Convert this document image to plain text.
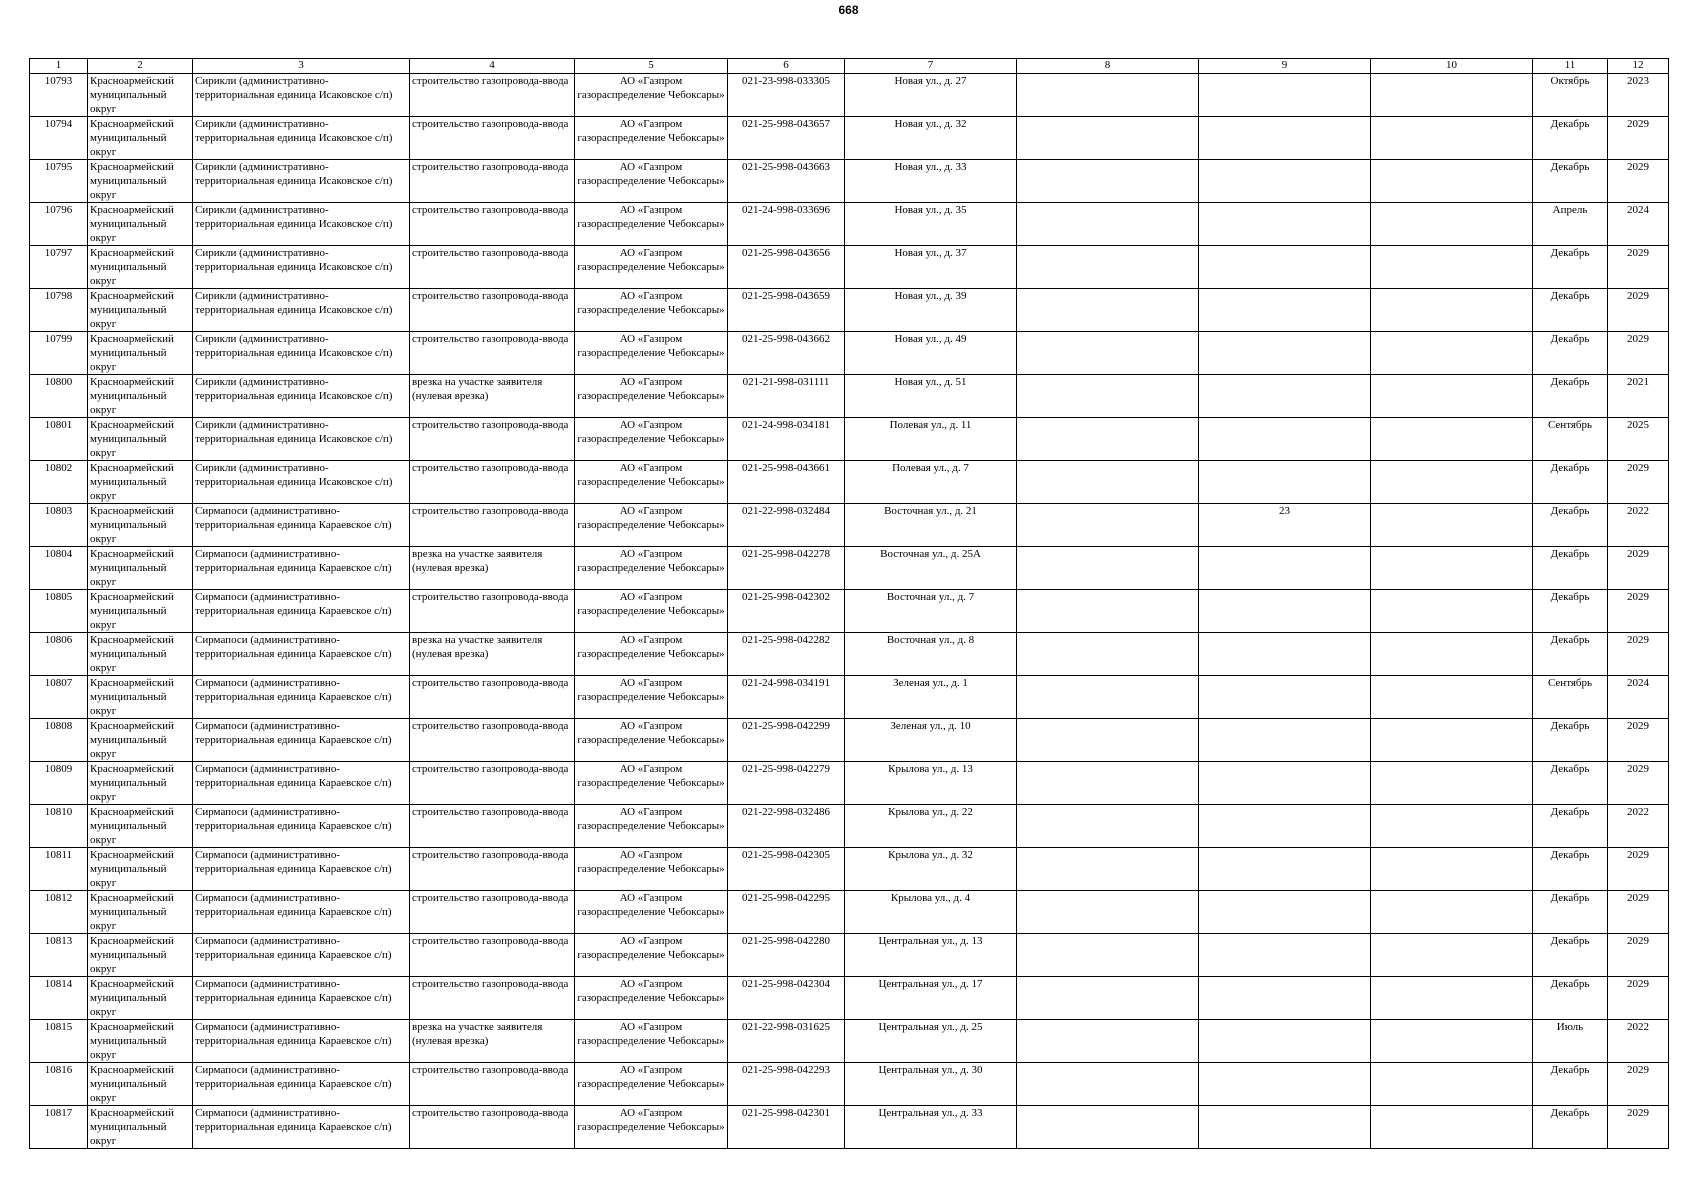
668
1	2	3	4	5	6	7	8	9	10	11	12
10793	Красноармейский муниципальный округ	Сирикли (административно-территориальная единица Исаковское с/п)	строительство газопровода-ввода	АО «Газпром газораспределение Чебоксары»	021-23-998-033305	Новая ул., д. 27				Октябрь	2023
10794	Красноармейский муниципальный округ	Сирикли (административно-территориальная единица Исаковское с/п)	строительство газопровода-ввода	АО «Газпром газораспределение Чебоксары»	021-25-998-043657	Новая ул., д. 32				Декабрь	2029
10795	Красноармейский муниципальный округ	Сирикли (административно-территориальная единица Исаковское с/п)	строительство газопровода-ввода	АО «Газпром газораспределение Чебоксары»	021-25-998-043663	Новая ул., д. 33				Декабрь	2029
10796	Красноармейский муниципальный округ	Сирикли (административно-территориальная единица Исаковское с/п)	строительство газопровода-ввода	АО «Газпром газораспределение Чебоксары»	021-24-998-033696	Новая ул., д. 35				Апрель	2024
10797	Красноармейский муниципальный округ	Сирикли (административно-территориальная единица Исаковское с/п)	строительство газопровода-ввода	АО «Газпром газораспределение Чебоксары»	021-25-998-043656	Новая ул., д. 37				Декабрь	2029
10798	Красноармейский муниципальный округ	Сирикли (административно-территориальная единица Исаковское с/п)	строительство газопровода-ввода	АО «Газпром газораспределение Чебоксары»	021-25-998-043659	Новая ул., д. 39				Декабрь	2029
10799	Красноармейский муниципальный округ	Сирикли (административно-территориальная единица Исаковское с/п)	строительство газопровода-ввода	АО «Газпром газораспределение Чебоксары»	021-25-998-043662	Новая ул., д. 49				Декабрь	2029
10800	Красноармейский муниципальный округ	Сирикли (административно-территориальная единица Исаковское с/п)	врезка на участке заявителя (нулевая врезка)	АО «Газпром газораспределение Чебоксары»	021-21-998-031111	Новая ул., д. 51				Декабрь	2021
10801	Красноармейский муниципальный округ	Сирикли (административно-территориальная единица Исаковское с/п)	строительство газопровода-ввода	АО «Газпром газораспределение Чебоксары»	021-24-998-034181	Полевая ул., д. 11				Сентябрь	2025
10802	Красноармейский муниципальный округ	Сирикли (административно-территориальная единица Исаковское с/п)	строительство газопровода-ввода	АО «Газпром газораспределение Чебоксары»	021-25-998-043661	Полевая ул., д. 7				Декабрь	2029
10803	Красноармейский муниципальный округ	Сирмапоси (административно-территориальная единица Караевское с/п)	строительство газопровода-ввода	АО «Газпром газораспределение Чебоксары»	021-22-998-032484	Восточная ул., д. 21		23		Декабрь	2022
10804	Красноармейский муниципальный округ	Сирмапоси (административно-территориальная единица Караевское с/п)	врезка на участке заявителя (нулевая врезка)	АО «Газпром газораспределение Чебоксары»	021-25-998-042278	Восточная ул., д. 25А				Декабрь	2029
10805	Красноармейский муниципальный округ	Сирмапоси (административно-территориальная единица Караевское с/п)	строительство газопровода-ввода	АО «Газпром газораспределение Чебоксары»	021-25-998-042302	Восточная ул., д. 7				Декабрь	2029
10806	Красноармейский муниципальный округ	Сирмапоси (административно-территориальная единица Караевское с/п)	врезка на участке заявителя (нулевая врезка)	АО «Газпром газораспределение Чебоксары»	021-25-998-042282	Восточная ул., д. 8				Декабрь	2029
10807	Красноармейский муниципальный округ	Сирмапоси (административно-территориальная единица Караевское с/п)	строительство газопровода-ввода	АО «Газпром газораспределение Чебоксары»	021-24-998-034191	Зеленая ул., д. 1				Сентябрь	2024
10808	Красноармейский муниципальный округ	Сирмапоси (административно-территориальная единица Караевское с/п)	строительство газопровода-ввода	АО «Газпром газораспределение Чебоксары»	021-25-998-042299	Зеленая ул., д. 10				Декабрь	2029
10809	Красноармейский муниципальный округ	Сирмапоси (административно-территориальная единица Караевское с/п)	строительство газопровода-ввода	АО «Газпром газораспределение Чебоксары»	021-25-998-042279	Крылова ул., д. 13				Декабрь	2029
10810	Красноармейский муниципальный округ	Сирмапоси (административно-территориальная единица Караевское с/п)	строительство газопровода-ввода	АО «Газпром газораспределение Чебоксары»	021-22-998-032486	Крылова ул., д. 22				Декабрь	2022
10811	Красноармейский муниципальный округ	Сирмапоси (административно-территориальная единица Караевское с/п)	строительство газопровода-ввода	АО «Газпром газораспределение Чебоксары»	021-25-998-042305	Крылова ул., д. 32				Декабрь	2029
10812	Красноармейский муниципальный округ	Сирмапоси (административно-территориальная единица Караевское с/п)	строительство газопровода-ввода	АО «Газпром газораспределение Чебоксары»	021-25-998-042295	Крылова ул., д. 4				Декабрь	2029
10813	Красноармейский муниципальный округ	Сирмапоси (административно-территориальная единица Караевское с/п)	строительство газопровода-ввода	АО «Газпром газораспределение Чебоксары»	021-25-998-042280	Центральная ул., д. 13				Декабрь	2029
10814	Красноармейский муниципальный округ	Сирмапоси (административно-территориальная единица Караевское с/п)	строительство газопровода-ввода	АО «Газпром газораспределение Чебоксары»	021-25-998-042304	Центральная ул., д. 17				Декабрь	2029
10815	Красноармейский муниципальный округ	Сирмапоси (административно-территориальная единица Караевское с/п)	врезка на участке заявителя (нулевая врезка)	АО «Газпром газораспределение Чебоксары»	021-22-998-031625	Центральная ул., д. 25				Июль	2022
10816	Красноармейский муниципальный округ	Сирмапоси (административно-территориальная единица Караевское с/п)	строительство газопровода-ввода	АО «Газпром газораспределение Чебоксары»	021-25-998-042293	Центральная ул., д. 30				Декабрь	2029
10817	Красноармейский муниципальный округ	Сирмапоси (административно-территориальная единица Караевское с/п)	строительство газопровода-ввода	АО «Газпром газораспределение Чебоксары»	021-25-998-042301	Центральная ул., д. 33				Декабрь	2029
